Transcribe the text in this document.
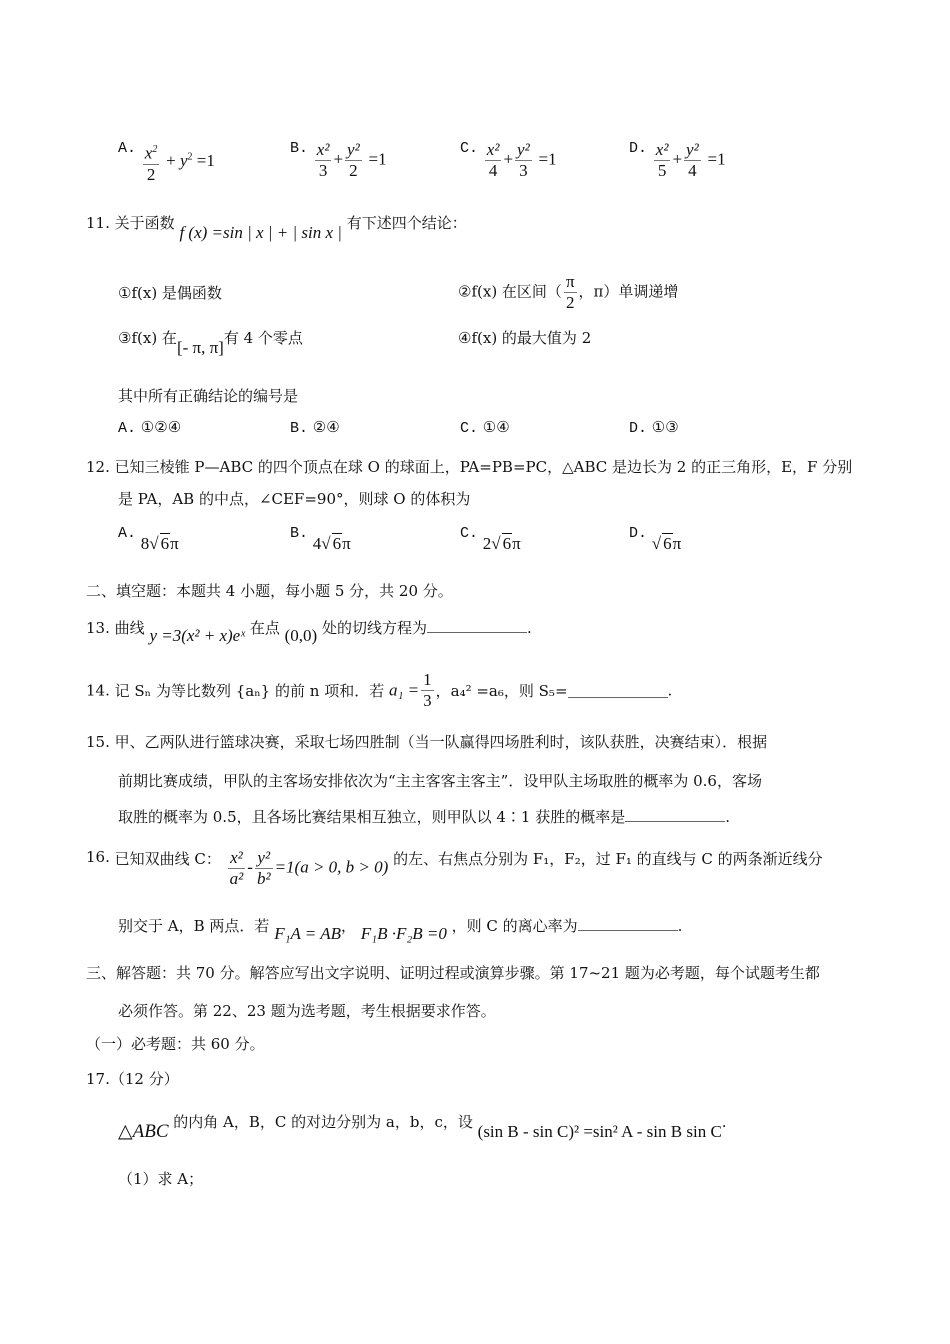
A. $\frac{x^2}{2} + y^2 =1$
B. $\frac{\text{x²}}{3} + \frac{\text{y²}}{2} =1$
C. $\frac{\text{x²}}{4} + \frac{\text{y²}}{3} =1$
D. $\frac{\text{x²}}{5} + \frac{\text{y²}}{4} =1$
11. 关于函数 f (x) =sin | x | + | sin x | 有下述四个结论：
①f(x) 是偶函数	②f(x) 在区间（ $\frac{\pi}{2}$ ，π）单调递增
③f(x) 在[- π, π]有 4 个零点	④f(x) 的最大值为 2
其中所有正确结论的编号是
A. ①②④	B. ②④	C. ①④	D. ①③
12. 已知三棱锥 P—ABC 的四个顶点在球 O 的球面上，PA=PB=PC，△ABC 是边长为 2 的正三角形，E，F 分别
是 PA，AB 的中点，∠CEF=90°，则球 O 的体积为
A. 8√ 6π
B. 4√ 6π
C. 2√ 6π
D. √ 6π
二、填空题：本题共 4 小题，每小题 5 分，共 20 分。
13. 曲线 y =3(x² + x)eˣ 在点 (0,0) 处的切线方程为	.
14. 记 Sₙ 为等比数列 {aₙ} 的前 n 项和．若 $a_1 = \frac{1}{3}$ ，a₄² =a₆，则 S₅=	.
15. 甲、乙两队进行篮球决赛，采取七场四胜制（当一队赢得四场胜利时，该队获胜，决赛结束）．根据
前期比赛成绩，甲队的主客场安排依次为“主主客客主客主”．设甲队主场取胜的概率为 0.6，客场
取胜的概率为 0.5，且各场比赛结果相互独立，则甲队以 4∶1 获胜的概率是	.
16. 已知双曲线 C： $\frac{\text{x²}}{\text{a²}} - \frac{\text{y²}}{\text{b²}} =1(a > 0$, b > 0) 的左、右焦点分别为 F₁，F₂，过 F₁ 的直线与 C 的两条渐近线分
别交于 A，B 两点．若 F₁A = AB， F₁B ·F₂B =0 ，则 C 的离心率为	.
三、解答题：共 70 分。解答应写出文字说明、证明过程或演算步骤。第 17~21 题为必考题，每个试题考生都
必须作答。第 22、23 题为选考题，考生根据要求作答。
（一）必考题：共 60 分。
17.（12 分）
△ABC 的内角 A，B，C 的对边分别为 a，b，c，设 (sin B - sin C)² =sin² A - sin B sin C.
（1）求 A；
